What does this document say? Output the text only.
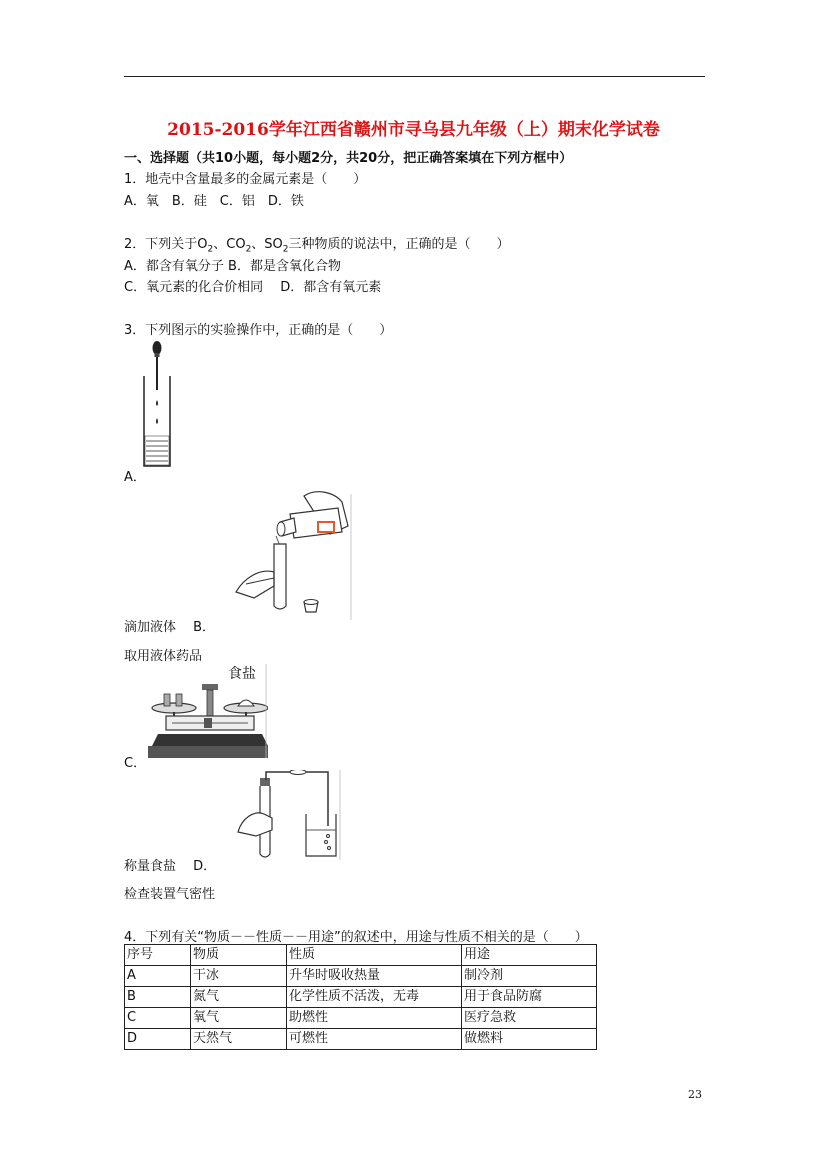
2015-2016学年江西省赣州市寻乌县九年级（上）期末化学试卷
一、选择题（共10小题，每小题2分，共20分，把正确答案填在下列方框中）
1．地壳中含量最多的金属元素是（　　）
A．氧　B．硅　C．铝　D．铁
2．下列关于$O_2$、$CO_2$、$SO_2$三种物质的说法中，正确的是（　　）
A．都含有氧分子 B．都是含氧化合物
C．氧元素的化合价相同　 D．都含有氧元素
3．下列图示的实验操作中，正确的是（　　）
A．
滴加液体　 B．
取用液体药品
食盐
C．
称量食盐　 D．
检查装置气密性
4．下列有关“物质－－性质－－用途”的叙述中，用途与性质不相关的是（　　）
序号	物质	性质	用途
A	干冰	升华时吸收热量	制冷剂
B	氮气	化学性质不活泼，无毒	用于食品防腐
C	氧气	助燃性	医疗急救
D	天然气	可燃性	做燃料
23
